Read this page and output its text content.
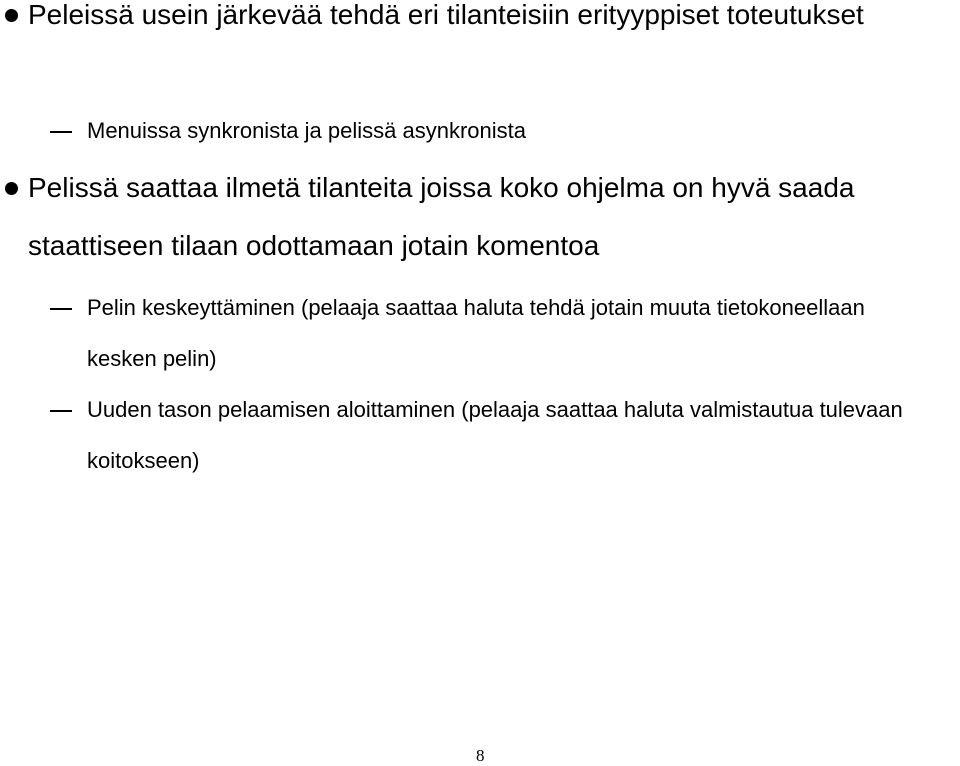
Peleissä usein järkevää tehdä eri tilanteisiin erityyppiset toteutukset
Menuissa synkronista ja pelissä asynkronista
Pelissä saattaa ilmetä tilanteita joissa koko ohjelma on hyvä saada staattiseen tilaan odottamaan jotain komentoa
Pelin keskeyttäminen (pelaaja saattaa haluta tehdä jotain muuta tietokoneellaan kesken pelin)
Uuden tason pelaamisen aloittaminen (pelaaja saattaa haluta valmistautua tulevaan koitokseen)
8
